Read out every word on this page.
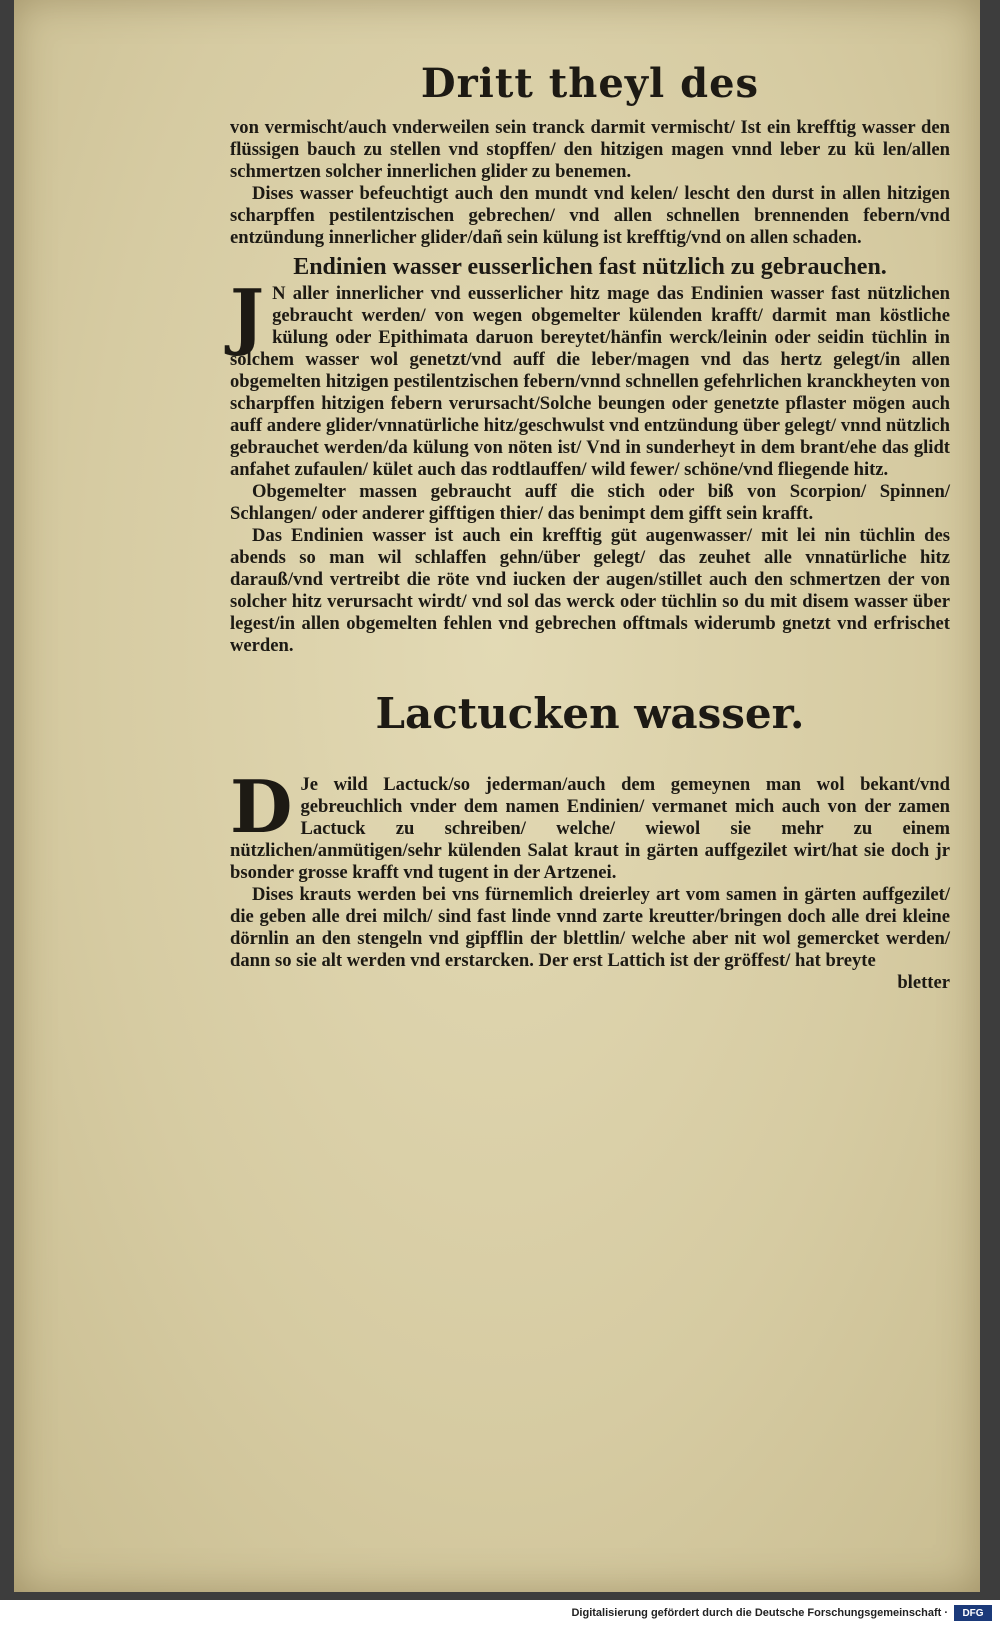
Dritt theyl des

von vermischt/auch vnderweilen sein tranck darmit vermischt/ Ist ein krefftig wasser den flüssigen bauch zu stellen vnd stopffen/ den hitzigen magen vnnd leber zu kü len/allen schmertzen solcher innerlichen glider zu benemen.

Dises wasser befeuchtigt auch den mundt vnd kelen/ lescht den durst in allen hitzigen scharpffen pestilentzischen gebrechen/ vnd allen schnellen brennenden febern/vnd entzündung innerlicher glider/dañ sein külung ist krefftig/vnd on allen schaden.

Endinien wasser eusserlichen fast nützlich zu gebrauchen.

J N aller innerlicher vnd eusserlicher hitz mage das Endinien wasser fast nützlichen gebraucht werden/ von wegen obgemelter külenden krafft/ darmit man köstliche külung oder Epithimata daruon bereytet/hänfin werck/leinin oder seidin tüchlin in solchem wasser wol genetzt/vnd auff die leber/magen vnd das hertz gelegt/in allen obgemelten hitzigen pestilentzischen febern/vnnd schnellen gefehrlichen kranckheyten von scharpffen hitzigen febern verursacht/Solche beungen oder genetzte pflaster mögen auch auff andere glider/vnnatürliche hitz/geschwulst vnd entzündung über gelegt/ vnnd nützlich gebrauchet werden/da külung von nöten ist/ Vnd in sunderheyt in dem brant/ehe das glidt anfahet zufaulen/ kület auch das rodtlauffen/ wild fewer/ schöne/vnd fliegende hitz.

Obgemelter massen gebraucht auff die stich oder biß von Scorpion/ Spinnen/ Schlangen/ oder anderer gifftigen thier/ das benimpt dem gifft sein krafft.

Das Endinien wasser ist auch ein krefftig güt augenwasser/ mit lei nin tüchlin des abends so man wil schlaffen gehn/über gelegt/ das zeuhet alle vnnatürliche hitz darauß/vnd vertreibt die röte vnd iucken der augen/stillet auch den schmertzen der von solcher hitz verursacht wirdt/ vnd sol das werck oder tüchlin so du mit disem wasser über legest/in allen obgemelten fehlen vnd gebrechen offtmals widerumb gnetzt vnd erfrischet werden.

Lactucken wasser.

D Je wild Lactuck/so jederman/auch dem gemeynen man wol bekant/vnd gebreuchlich vnder dem namen Endinien/ vermanet mich auch von der zamen Lactuck zu schreiben/ welche/ wiewol sie mehr zu einem nützlichen/anmütigen/sehr külenden Salat kraut in gärten auffgezilet wirt/hat sie doch jr bsonder grosse krafft vnd tugent in der Artzenei.

Dises krauts werden bei vns fürnemlich dreierley art vom samen in gärten auffgezilet/ die geben alle drei milch/ sind fast linde vnnd zarte kreutter/bringen doch alle drei kleine dörnlin an den stengeln vnd gipfflin der blettlin/ welche aber nit wol gemercket werden/ dann so sie alt werden vnd erstarcken. Der erst Lattich ist der gröffest/ hat breyte

bletter
Digitalisierung gefördert durch die Deutsche Forschungsgemeinschaft ·	DFG
